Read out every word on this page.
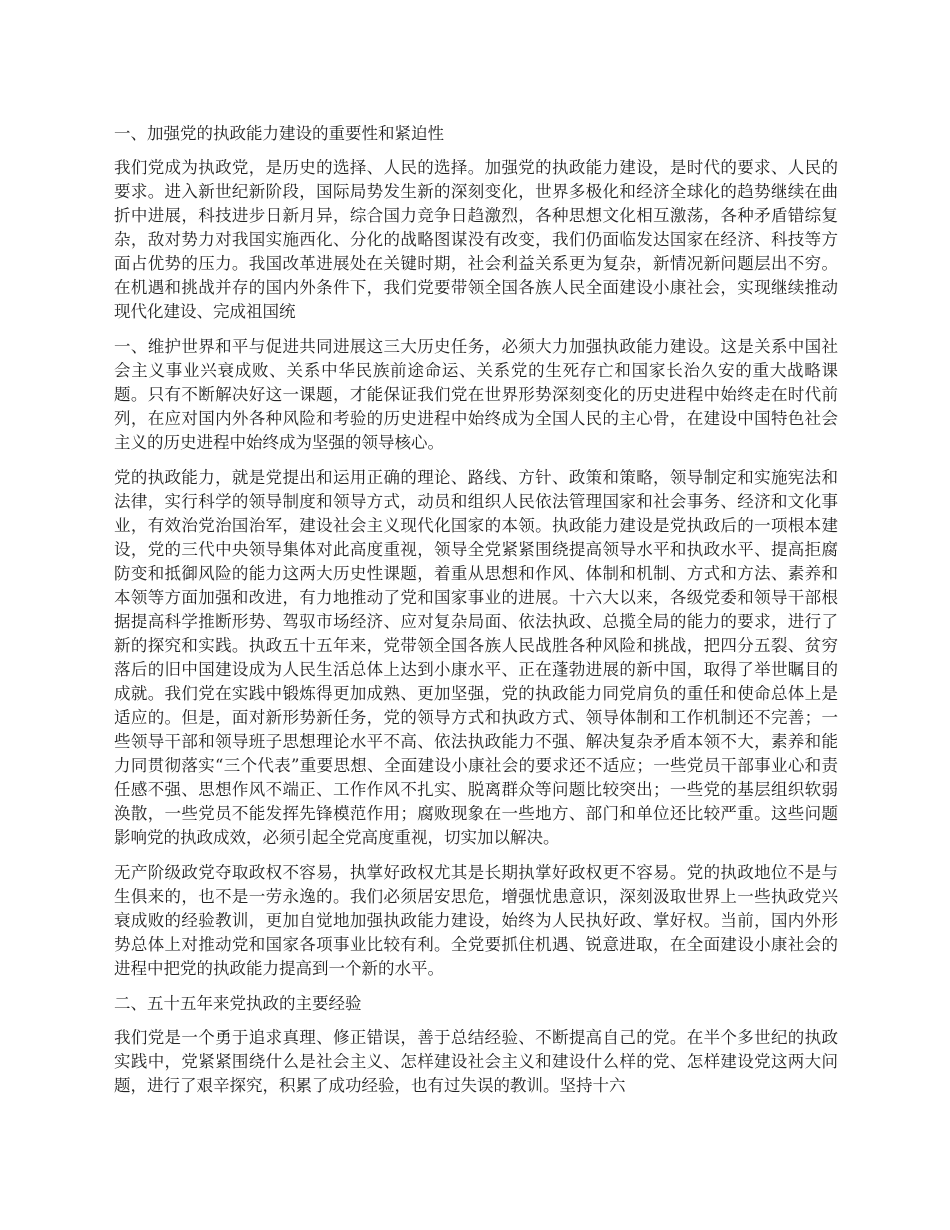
一、加强党的执政能力建设的重要性和紧迫性
我们党成为执政党，是历史的选择、人民的选择。加强党的执政能力建设，是时代的要求、人民的要求。进入新世纪新阶段，国际局势发生新的深刻变化，世界多极化和经济全球化的趋势继续在曲折中进展，科技进步日新月异，综合国力竞争日趋激烈，各种思想文化相互激荡，各种矛盾错综复杂，敌对势力对我国实施西化、分化的战略图谋没有改变，我们仍面临发达国家在经济、科技等方面占优势的压力。我国改革进展处在关键时期，社会利益关系更为复杂，新情况新问题层出不穷。在机遇和挑战并存的国内外条件下，我们党要带领全国各族人民全面建设小康社会，实现继续推动现代化建设、完成祖国统
一、维护世界和平与促进共同进展这三大历史任务，必须大力加强执政能力建设。这是关系中国社会主义事业兴衰成败、关系中华民族前途命运、关系党的生死存亡和国家长治久安的重大战略课题。只有不断解决好这一课题，才能保证我们党在世界形势深刻变化的历史进程中始终走在时代前列，在应对国内外各种风险和考验的历史进程中始终成为全国人民的主心骨，在建设中国特色社会主义的历史进程中始终成为坚强的领导核心。
党的执政能力，就是党提出和运用正确的理论、路线、方针、政策和策略，领导制定和实施宪法和法律，实行科学的领导制度和领导方式，动员和组织人民依法管理国家和社会事务、经济和文化事业，有效治党治国治军，建设社会主义现代化国家的本领。执政能力建设是党执政后的一项根本建设，党的三代中央领导集体对此高度重视，领导全党紧紧围绕提高领导水平和执政水平、提高拒腐防变和抵御风险的能力这两大历史性课题，着重从思想和作风、体制和机制、方式和方法、素养和本领等方面加强和改进，有力地推动了党和国家事业的进展。十六大以来，各级党委和领导干部根据提高科学推断形势、驾驭市场经济、应对复杂局面、依法执政、总揽全局的能力的要求，进行了新的探究和实践。执政五十五年来，党带领全国各族人民战胜各种风险和挑战，把四分五裂、贫穷落后的旧中国建设成为人民生活总体上达到小康水平、正在蓬勃进展的新中国，取得了举世瞩目的成就。我们党在实践中锻炼得更加成熟、更加坚强，党的执政能力同党肩负的重任和使命总体上是适应的。但是，面对新形势新任务，党的领导方式和执政方式、领导体制和工作机制还不完善；一些领导干部和领导班子思想理论水平不高、依法执政能力不强、解决复杂矛盾本领不大，素养和能力同贯彻落实“三个代表”重要思想、全面建设小康社会的要求还不适应；一些党员干部事业心和责任感不强、思想作风不端正、工作作风不扎实、脱离群众等问题比较突出；一些党的基层组织软弱涣散，一些党员不能发挥先锋模范作用；腐败现象在一些地方、部门和单位还比较严重。这些问题影响党的执政成效，必须引起全党高度重视，切实加以解决。
无产阶级政党夺取政权不容易，执掌好政权尤其是长期执掌好政权更不容易。党的执政地位不是与生俱来的，也不是一劳永逸的。我们必须居安思危，增强忧患意识，深刻汲取世界上一些执政党兴衰成败的经验教训，更加自觉地加强执政能力建设，始终为人民执好政、掌好权。当前，国内外形势总体上对推动党和国家各项事业比较有利。全党要抓住机遇、锐意进取，在全面建设小康社会的进程中把党的执政能力提高到一个新的水平。
二、五十五年来党执政的主要经验
我们党是一个勇于追求真理、修正错误，善于总结经验、不断提高自己的党。在半个多世纪的执政实践中，党紧紧围绕什么是社会主义、怎样建设社会主义和建设什么样的党、怎样建设党这两大问题，进行了艰辛探究，积累了成功经验，也有过失误的教训。坚持十六
